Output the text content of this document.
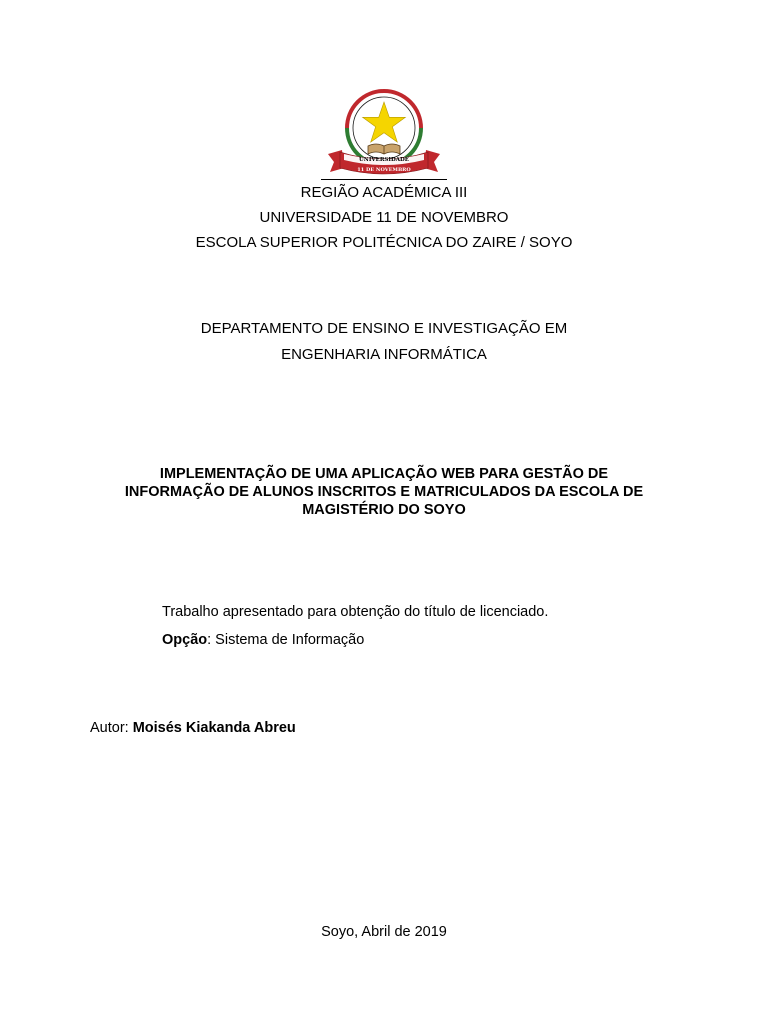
UNIVERSIDADE
11 DE NOVEMBRO
REGIÃO ACADÉMICA III
UNIVERSIDADE 11 DE NOVEMBRO
ESCOLA SUPERIOR POLITÉCNICA DO ZAIRE / SOYO
DEPARTAMENTO DE ENSINO E INVESTIGAÇÃO EM
ENGENHARIA INFORMÁTICA
IMPLEMENTAÇÃO DE UMA APLICAÇÃO WEB PARA GESTÃO DE
INFORMAÇÃO DE ALUNOS INSCRITOS E MATRICULADOS DA ESCOLA DE
MAGISTÉRIO DO SOYO
Trabalho apresentado para obtenção do título de licenciado.
Opção: Sistema de Informação
Autor: Moisés Kiakanda Abreu
Soyo, Abril de 2019
